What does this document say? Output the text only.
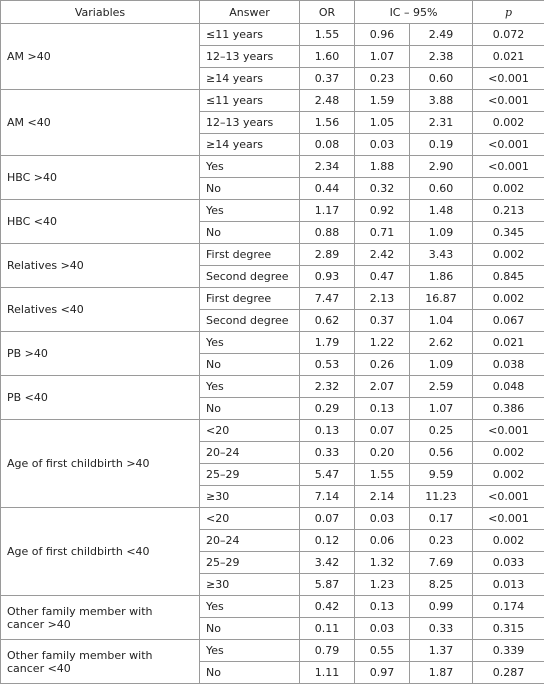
Variables	Answer	OR	IC – 95%		p
AM >40	≤11 years	1.55	0.96	2.49	0.072
	12–13 years	1.60	1.07	2.38	0.021
	≥14 years	0.37	0.23	0.60	<0.001
AM <40	≤11 years	2.48	1.59	3.88	<0.001
	12–13 years	1.56	1.05	2.31	0.002
	≥14 years	0.08	0.03	0.19	<0.001
HBC >40	Yes	2.34	1.88	2.90	<0.001
	No	0.44	0.32	0.60	0.002
HBC <40	Yes	1.17	0.92	1.48	0.213
	No	0.88	0.71	1.09	0.345
Relatives >40	First degree	2.89	2.42	3.43	0.002
	Second degree	0.93	0.47	1.86	0.845
Relatives <40	First degree	7.47	2.13	16.87	0.002
	Second degree	0.62	0.37	1.04	0.067
PB >40	Yes	1.79	1.22	2.62	0.021
	No	0.53	0.26	1.09	0.038
PB <40	Yes	2.32	2.07	2.59	0.048
	No	0.29	0.13	1.07	0.386
Age of first childbirth >40	<20	0.13	0.07	0.25	<0.001
	20–24	0.33	0.20	0.56	0.002
	25–29	5.47	1.55	9.59	0.002
	≥30	7.14	2.14	11.23	<0.001
Age of first childbirth <40	<20	0.07	0.03	0.17	<0.001
	20–24	0.12	0.06	0.23	0.002
	25–29	3.42	1.32	7.69	0.033
	≥30	5.87	1.23	8.25	0.013
Other family member with cancer >40	Yes	0.42	0.13	0.99	0.174
	No	0.11	0.03	0.33	0.315
Other family member with cancer <40	Yes	0.79	0.55	1.37	0.339
	No	1.11	0.97	1.87	0.287
